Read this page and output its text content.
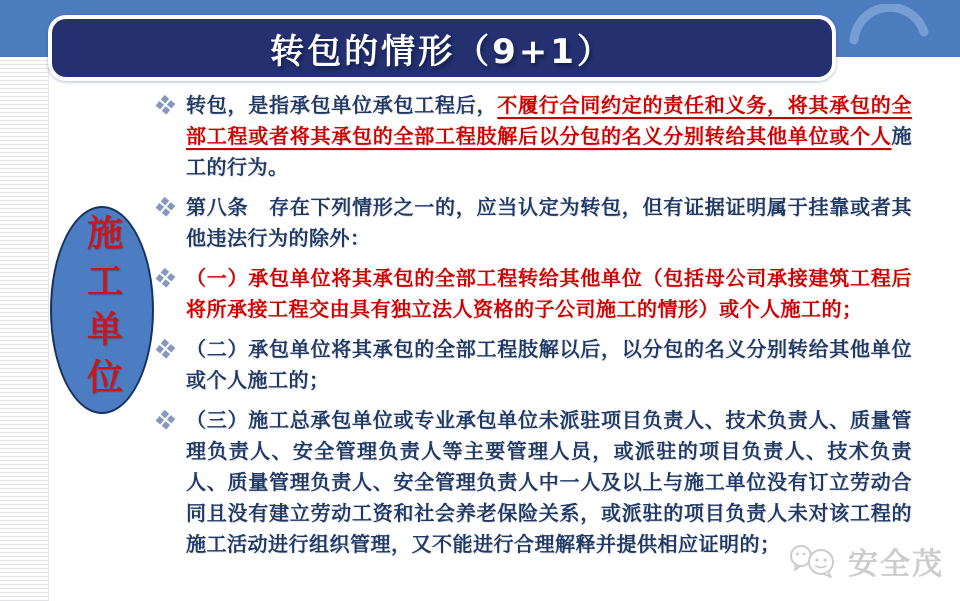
转包的情形（9+1）
施工单位
转包，是指承包单位承包工程后，不履行合同约定的责任和义务，将其承包的全部工程或者将其承包的全部工程肢解后以分包的名义分别转给其他单位或个人施工的行为。
第八条　存在下列情形之一的，应当认定为转包，但有证据证明属于挂靠或者其他违法行为的除外：
（一）承包单位将其承包的全部工程转给其他单位（包括母公司承接建筑工程后将所承接工程交由具有独立法人资格的子公司施工的情形）或个人施工的；
（二）承包单位将其承包的全部工程肢解以后，以分包的名义分别转给其他单位或个人施工的；
（三）施工总承包单位或专业承包单位未派驻项目负责人、技术负责人、质量管理负责人、安全管理负责人等主要管理人员，或派驻的项目负责人、技术负责人、质量管理负责人、安全管理负责人中一人及以上与施工单位没有订立劳动合同且没有建立劳动工资和社会养老保险关系，或派驻的项目负责人未对该工程的施工活动进行组织管理，又不能进行合理解释并提供相应证明的；
安全茂
